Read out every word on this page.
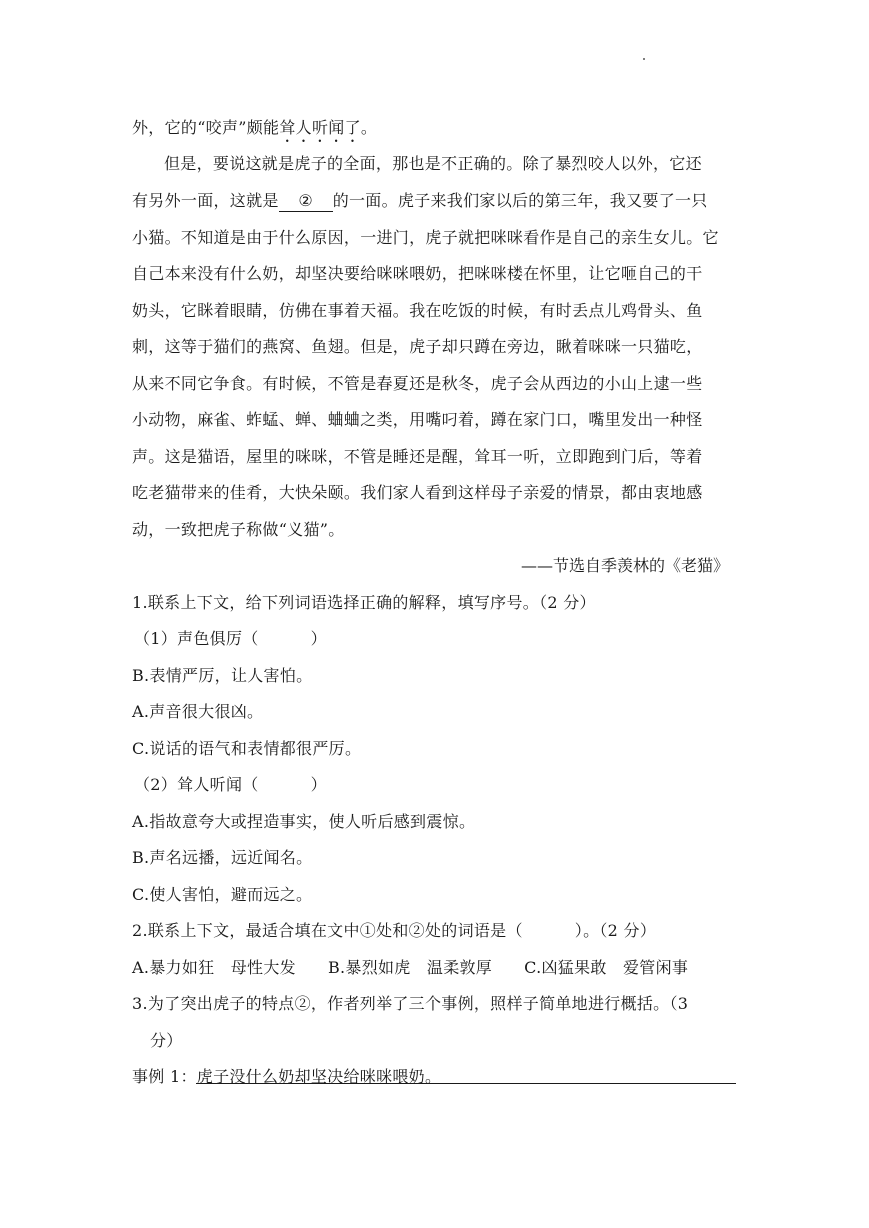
外，它的“咬声”颇能耸人听闻了。
但是，要说这就是虎子的全面，那也是不正确的。除了暴烈咬人以外，它还
有另外一面，这就是 ② 的一面。虎子来我们家以后的第三年，我又要了一只
小猫。不知道是由于什么原因，一进门，虎子就把咪咪看作是自己的亲生女儿。它
自己本来没有什么奶，却坚决要给咪咪喂奶，把咪咪楼在怀里，让它咂自己的干
奶头，它眯着眼睛，仿佛在事着天福。我在吃饭的时候，有时丢点儿鸡骨头、鱼
刺，这等于猫们的燕窝、鱼翅。但是，虎子却只蹲在旁边，瞅着咪咪一只猫吃，
从来不同它争食。有时候，不管是春夏还是秋冬，虎子会从西边的小山上逮一些
小动物，麻雀、蚱蜢、蝉、蛐蛐之类，用嘴叼着，蹲在家门口，嘴里发出一种怪
声。这是猫语，屋里的咪咪，不管是睡还是醒，耸耳一听，立即跑到门后，等着
吃老猫带来的佳肴，大快朵颐。我们家人看到这样母子亲爱的情景，都由衷地感
动，一致把虎子称做“义猫”。
——节选自季羡林的《老猫》
1.联系上下文，给下列词语选择正确的解释，填写序号。（2 分）
（1）声色俱厉（	）
B.表情严厉，让人害怕。
A.声音很大很凶。
C.说话的语气和表情都很严厉。
（2）耸人听闻（	）
A.指故意夸大或捏造事实，使人听后感到震惊。
B.声名远播，远近闻名。
C.使人害怕，避而远之。
2.联系上下文，最适合填在文中①处和②处的词语是（	）。（2 分）
A.暴力如狂　母性大发 B.暴烈如虎　温柔敦厚 C.凶猛果敢　爱管闲事
3.为了突出虎子的特点②，作者列举了三个事例，照样子简单地进行概括。（3
分）
事例 1：虎子没什么奶却坚决给咪咪喂奶。
